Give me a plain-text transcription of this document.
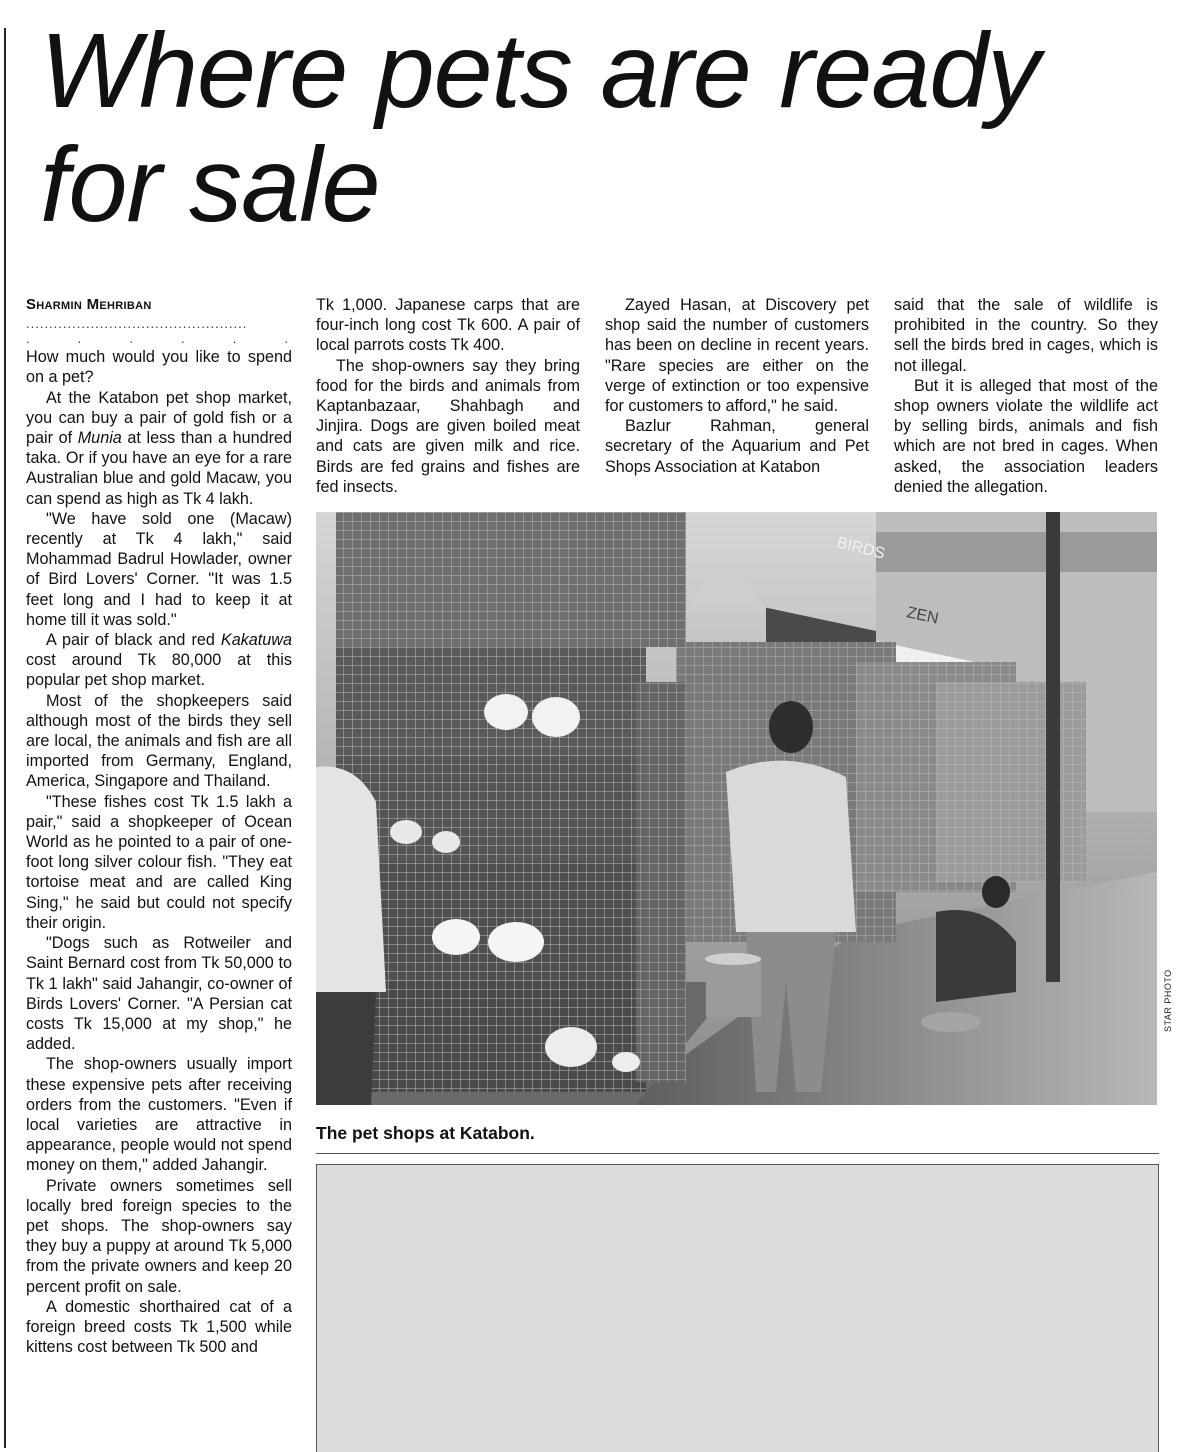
Where pets are ready for sale
Sharmin Mehriban
................................................
.	.	.	.	.	.

How much would you like to spend on a pet?

At the Katabon pet shop market, you can buy a pair of gold fish or a pair of Munia at less than a hundred taka. Or if you have an eye for a rare Australian blue and gold Macaw, you can spend as high as Tk 4 lakh.

"We have sold one (Macaw) recently at Tk 4 lakh," said Mohammad Badrul Howlader, owner of Bird Lovers' Corner. "It was 1.5 feet long and I had to keep it at home till it was sold."

A pair of black and red Kakatuwa cost around Tk 80,000 at this popular pet shop market.

Most of the shopkeepers said although most of the birds they sell are local, the animals and fish are all imported from Germany, England, America, Singapore and Thailand.

"These fishes cost Tk 1.5 lakh a pair," said a shopkeeper of Ocean World as he pointed to a pair of one-foot long silver colour fish. "They eat tortoise meat and are called King Sing," he said but could not specify their origin.

"Dogs such as Rotweiler and Saint Bernard cost from Tk 50,000 to Tk 1 lakh" said Jahangir, co-owner of Birds Lovers' Corner. "A Persian cat costs Tk 15,000 at my shop," he added.

The shop-owners usually import these expensive pets after receiving orders from the customers. "Even if local varieties are attractive in appearance, people would not spend money on them," added Jahangir.

Private owners sometimes sell locally bred foreign species to the pet shops. The shop-owners say they buy a puppy at around Tk 5,000 from the private owners and keep 20 percent profit on sale.

A domestic shorthaired cat of a foreign breed costs Tk 1,500 while kittens cost between Tk 500 and

Tk 1,000. Japanese carps that are four-inch long cost Tk 600. A pair of local parrots costs Tk 400.

The shop-owners say they bring food for the birds and animals from Kaptanbazaar, Shahbagh and Jinjira. Dogs are given boiled meat and cats are given milk and rice. Birds are fed grains and fishes are fed insects.

Zayed Hasan, at Discovery pet shop said the number of customers has been on decline in recent years. "Rare species are either on the verge of extinction or too expensive for customers to afford," he said.

Bazlur Rahman, general secretary of the Aquarium and Pet Shops Association at Katabon

said that the sale of wildlife is prohibited in the country. So they sell the birds bred in cages, which is not illegal.

But it is alleged that most of the shop owners violate the wildlife act by selling birds, animals and fish which are not bred in cages. When asked, the association leaders denied the allegation.

BIRDS
ZEN
STAR PHOTO
The pet shops at Katabon.
